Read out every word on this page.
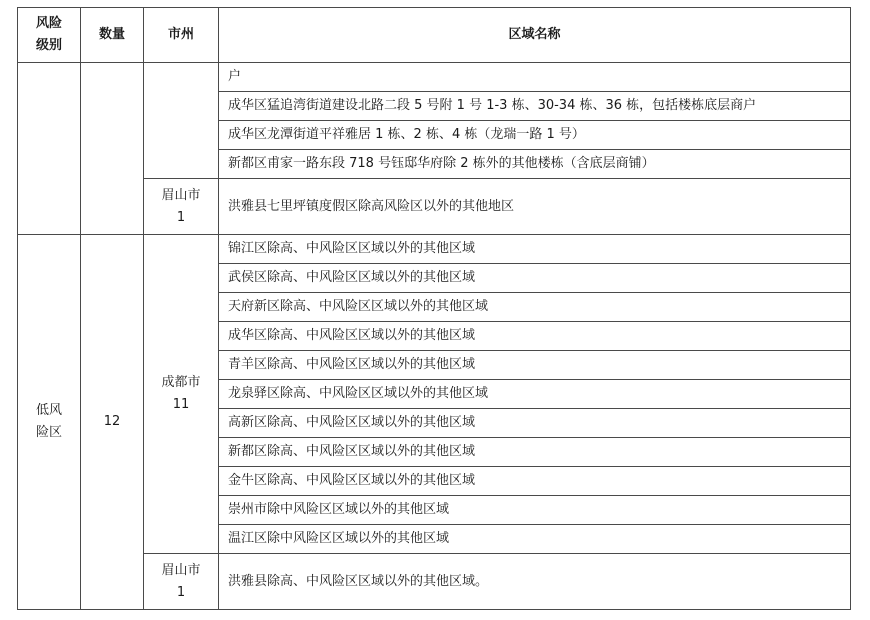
风险
级别	数量	市州	区域名称
			户
			成华区猛追湾街道建设北路二段 5 号附 1 号 1-3 栋、30-34 栋、36 栋，包括楼栋底层商户
			成华区龙潭街道平祥雅居 1 栋、2 栋、4 栋（龙瑞一路 1 号）
			新都区甫家一路东段 718 号钰邸华府除 2 栋外的其他楼栋（含底层商铺）
		眉山市
1	洪雅县七里坪镇度假区除高风险区以外的其他地区
低风
险区	12	成都市
11	锦江区除高、中风险区区域以外的其他区域
			武侯区除高、中风险区区域以外的其他区域
			天府新区除高、中风险区区域以外的其他区域
			成华区除高、中风险区区域以外的其他区域
			青羊区除高、中风险区区域以外的其他区域
			龙泉驿区除高、中风险区区域以外的其他区域
			高新区除高、中风险区区域以外的其他区域
			新都区除高、中风险区区域以外的其他区域
			金牛区除高、中风险区区域以外的其他区域
			崇州市除中风险区区域以外的其他区域
			温江区除中风险区区域以外的其他区域
		眉山市
1	洪雅县除高、中风险区区域以外的其他区域。
